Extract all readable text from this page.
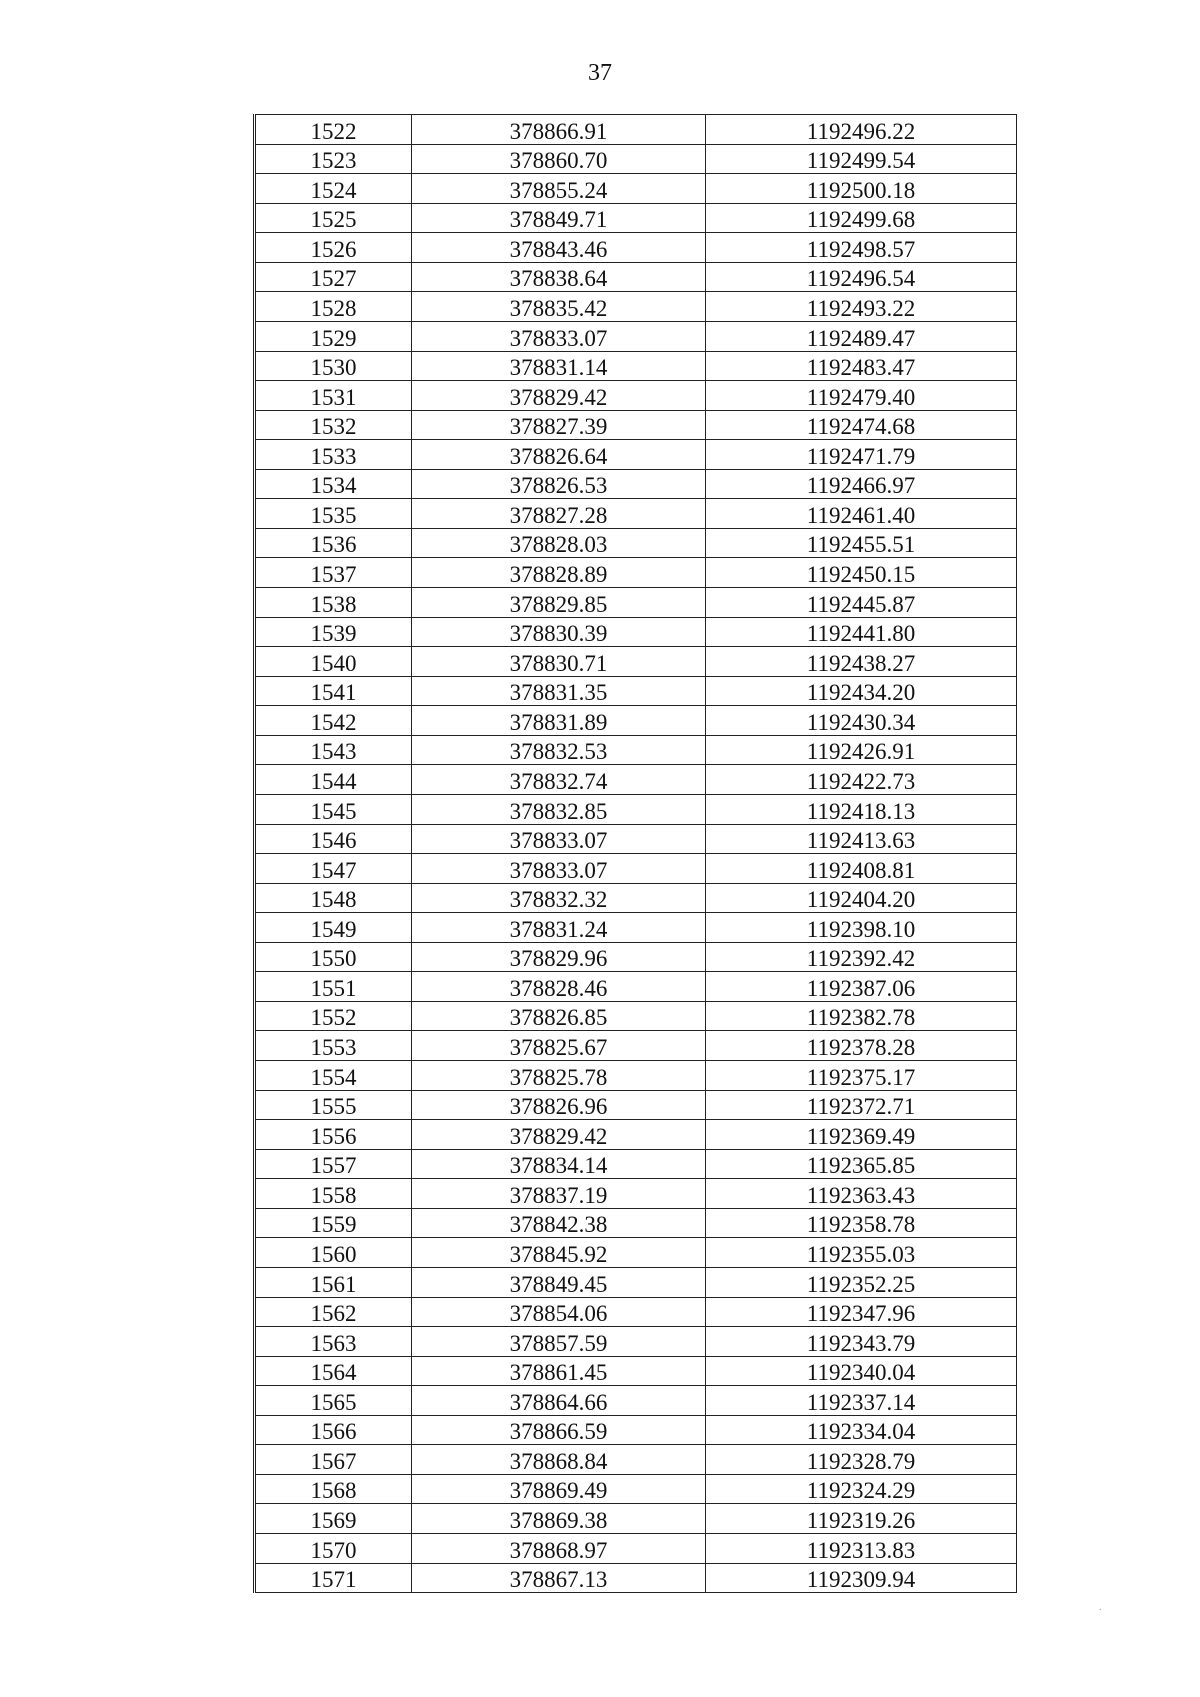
37
1522	378866.91	1192496.22
1523	378860.70	1192499.54
1524	378855.24	1192500.18
1525	378849.71	1192499.68
1526	378843.46	1192498.57
1527	378838.64	1192496.54
1528	378835.42	1192493.22
1529	378833.07	1192489.47
1530	378831.14	1192483.47
1531	378829.42	1192479.40
1532	378827.39	1192474.68
1533	378826.64	1192471.79
1534	378826.53	1192466.97
1535	378827.28	1192461.40
1536	378828.03	1192455.51
1537	378828.89	1192450.15
1538	378829.85	1192445.87
1539	378830.39	1192441.80
1540	378830.71	1192438.27
1541	378831.35	1192434.20
1542	378831.89	1192430.34
1543	378832.53	1192426.91
1544	378832.74	1192422.73
1545	378832.85	1192418.13
1546	378833.07	1192413.63
1547	378833.07	1192408.81
1548	378832.32	1192404.20
1549	378831.24	1192398.10
1550	378829.96	1192392.42
1551	378828.46	1192387.06
1552	378826.85	1192382.78
1553	378825.67	1192378.28
1554	378825.78	1192375.17
1555	378826.96	1192372.71
1556	378829.42	1192369.49
1557	378834.14	1192365.85
1558	378837.19	1192363.43
1559	378842.38	1192358.78
1560	378845.92	1192355.03
1561	378849.45	1192352.25
1562	378854.06	1192347.96
1563	378857.59	1192343.79
1564	378861.45	1192340.04
1565	378864.66	1192337.14
1566	378866.59	1192334.04
1567	378868.84	1192328.79
1568	378869.49	1192324.29
1569	378869.38	1192319.26
1570	378868.97	1192313.83
1571	378867.13	1192309.94
.
